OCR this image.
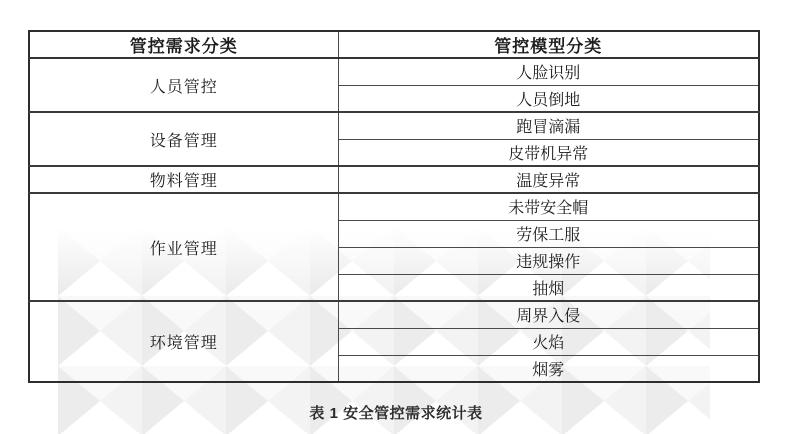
管控需求分类	管控模型分类
人员管控	人脸识别
	人员倒地
设备管理	跑冒滴漏
	皮带机异常
物料管理	温度异常
作业管理	未带安全帽
	劳保工服
	违规操作
	抽烟
环境管理	周界入侵
	火焰
	烟雾
表 1 安全管控需求统计表
